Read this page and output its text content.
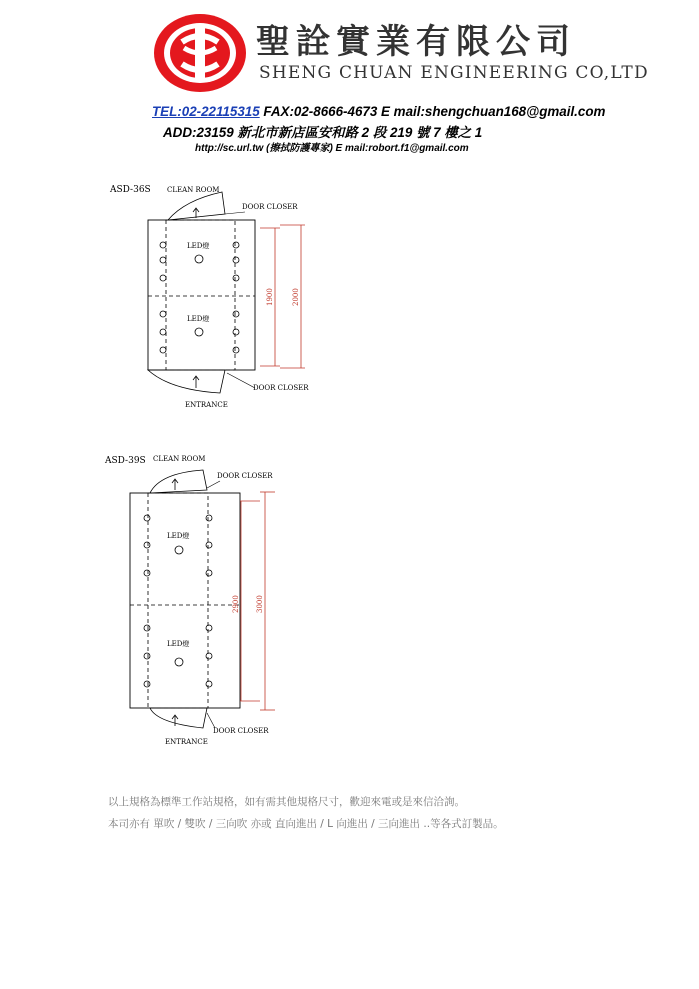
聖詮實業有限公司
SHENG CHUAN ENGINEERING CO,LTD
TEL:02-22115315 FAX:02-8666-4673 E mail:shengchuan168@gmail.com
ADD:23159 新北市新店區安和路 2 段 219 號 7 樓之 1
http://sc.url.tw (擦拭防護專家) E mail:robort.f1@gmail.com
ASD-36S CLEAN ROOM
DOOR CLOSER
LED燈
LED燈
DOOR CLOSER
ENTRANCE
1900	2000
ASD-39S CLEAN ROOM
DOOR CLOSER
LED燈
LED燈
DOOR CLOSER
ENTRANCE
2900 3000
以上規格為標準工作站規格，如有需其他規格尺寸，歡迎來電或是來信洽詢。
本司亦有 單吹 / 雙吹 / 三向吹 亦或 直向進出 / L 向進出 / 三向進出 ..等各式訂製品。
